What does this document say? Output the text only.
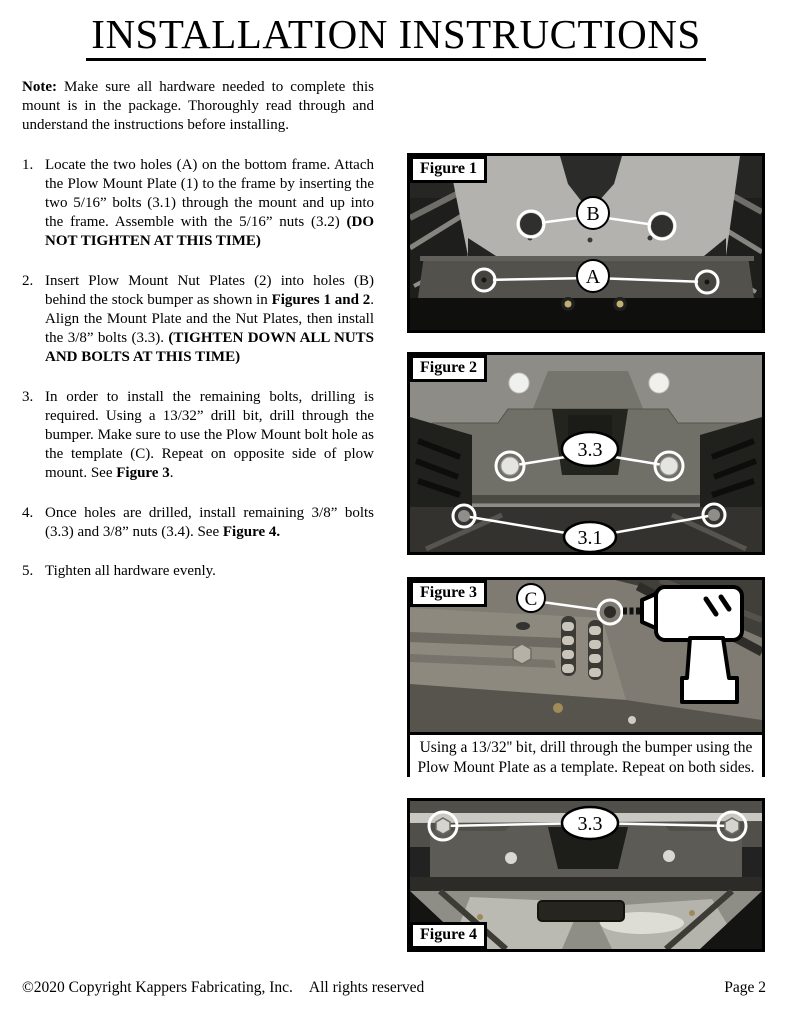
INSTALLATION INSTRUCTIONS

Note: Make sure all hardware needed to complete this mount is in the package. Thoroughly read through and understand the instructions before installing.

1. Locate the two holes (A) on the bottom frame. Attach the Plow Mount Plate (1) to the frame by inserting the two 5/16” bolts (3.1) through the mount and up into the frame. Assemble with the 5/16” nuts (3.2) (DO NOT TIGHTEN AT THIS TIME)
2. Insert Plow Mount Nut Plates (2) into holes (B) behind the stock bumper as shown in Figures 1 and 2. Align the Mount Plate and the Nut Plates, then install the 3/8” bolts (3.3). (TIGHTEN DOWN ALL NUTS AND BOLTS AT THIS TIME)
3. In order to install the remaining bolts, drilling is required. Using a 13/32” drill bit, drill through the bumper. Make sure to use the Plow Mount bolt hole as the template (C). Repeat on opposite side of plow mount. See Figure 3.
4. Once holes are drilled, install remaining 3/8” bolts (3.3) and 3/8” nuts (3.4). See Figure 4.
5. Tighten all hardware evenly.
B
A
Figure 1
3.3
3.1
Figure 2
C
Using a 13/32'' bit, drill through the bumper using the Plow Mount Plate as a template. Repeat on both sides.
Figure 3
3.3
Figure 4
©2020 Copyright Kappers Fabricating, Inc. All rights reserved	Page 2
